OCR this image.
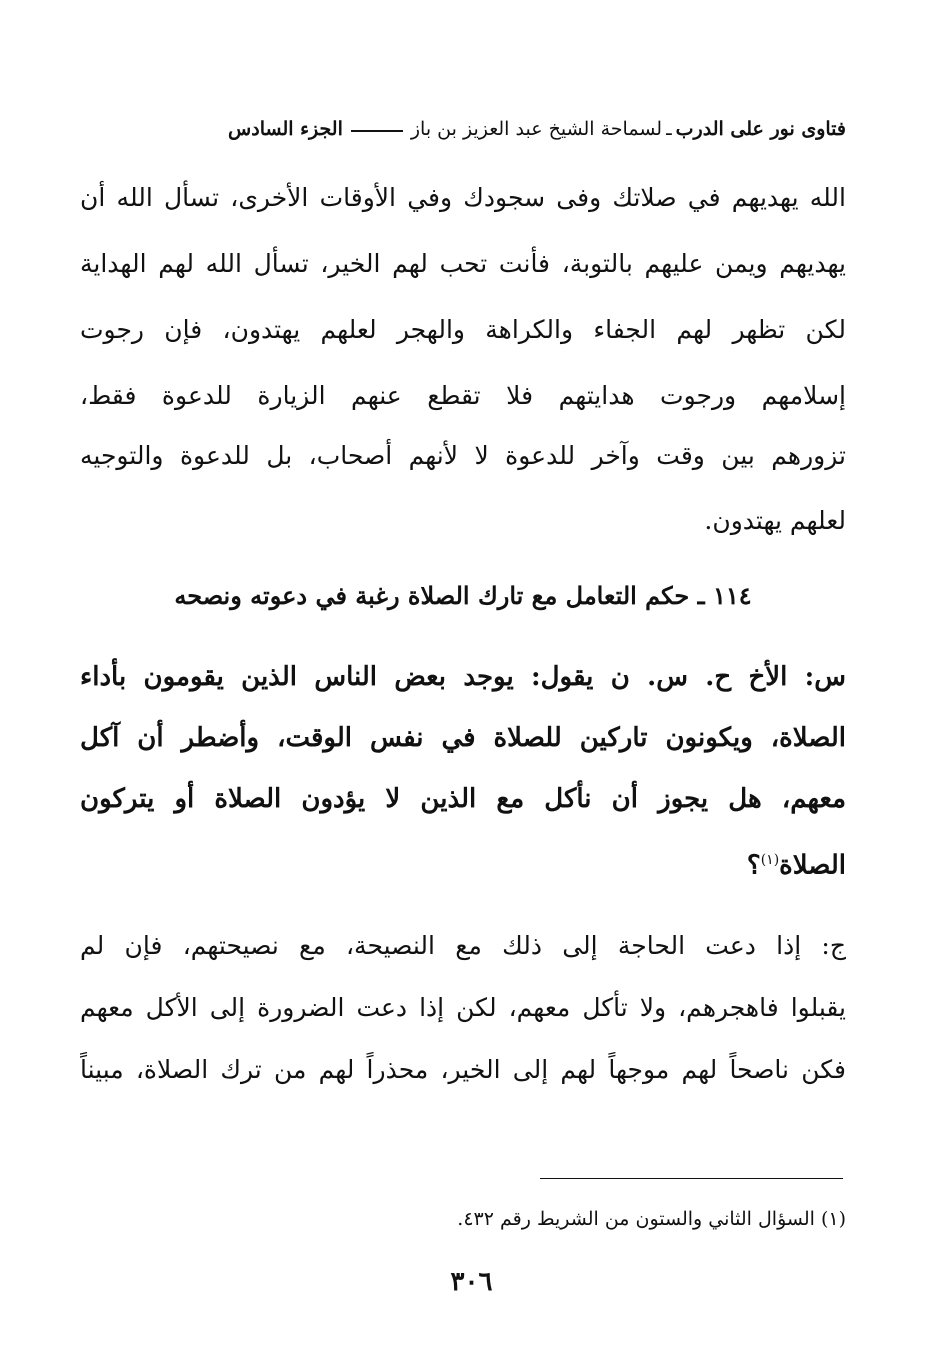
فتاوى نور على الدرب
ـ
لسماحة الشيخ عبد العزيز بن باز
الجزء السادس
الله يهديهم في صلاتك وفى سجودك وفي الأوقات الأخرى، تسأل الله أن
يهديهم ويمن عليهم بالتوبة، فأنت تحب لهم الخير، تسأل الله لهم الهداية
لكن تظهر لهم الجفاء والكراهة والهجر لعلهم يهتدون، فإن رجوت
إسلامهم ورجوت هدايتهم فلا تقطع عنهم الزيارة للدعوة فقط،
تزورهم بين وقت وآخر للدعوة لا لأنهم أصحاب، بل للدعوة والتوجيه
لعلهم يهتدون.
١١٤ ـ حكم التعامل مع تارك الصلاة رغبة في دعوته ونصحه
س: الأخ ح. س. ن يقول: يوجد بعض الناس الذين يقومون بأداء
الصلاة، ويكونون تاركين للصلاة في نفس الوقت، وأضطر أن آكل
معهم، هل يجوز أن نأكل مع الذين لا يؤدون الصلاة أو يتركون
الصلاة$^{(١)}$؟
ج: إذا دعت الحاجة إلى ذلك مع النصيحة، مع نصيحتهم، فإن لم
يقبلوا فاهجرهم، ولا تأكل معهم، لكن إذا دعت الضرورة إلى الأكل معهم
فكن ناصحاً لهم موجهاً لهم إلى الخير، محذراً لهم من ترك الصلاة، مبيناً
(١) السؤال الثاني والستون من الشريط رقم ٤٣٢.
٣٠٦
